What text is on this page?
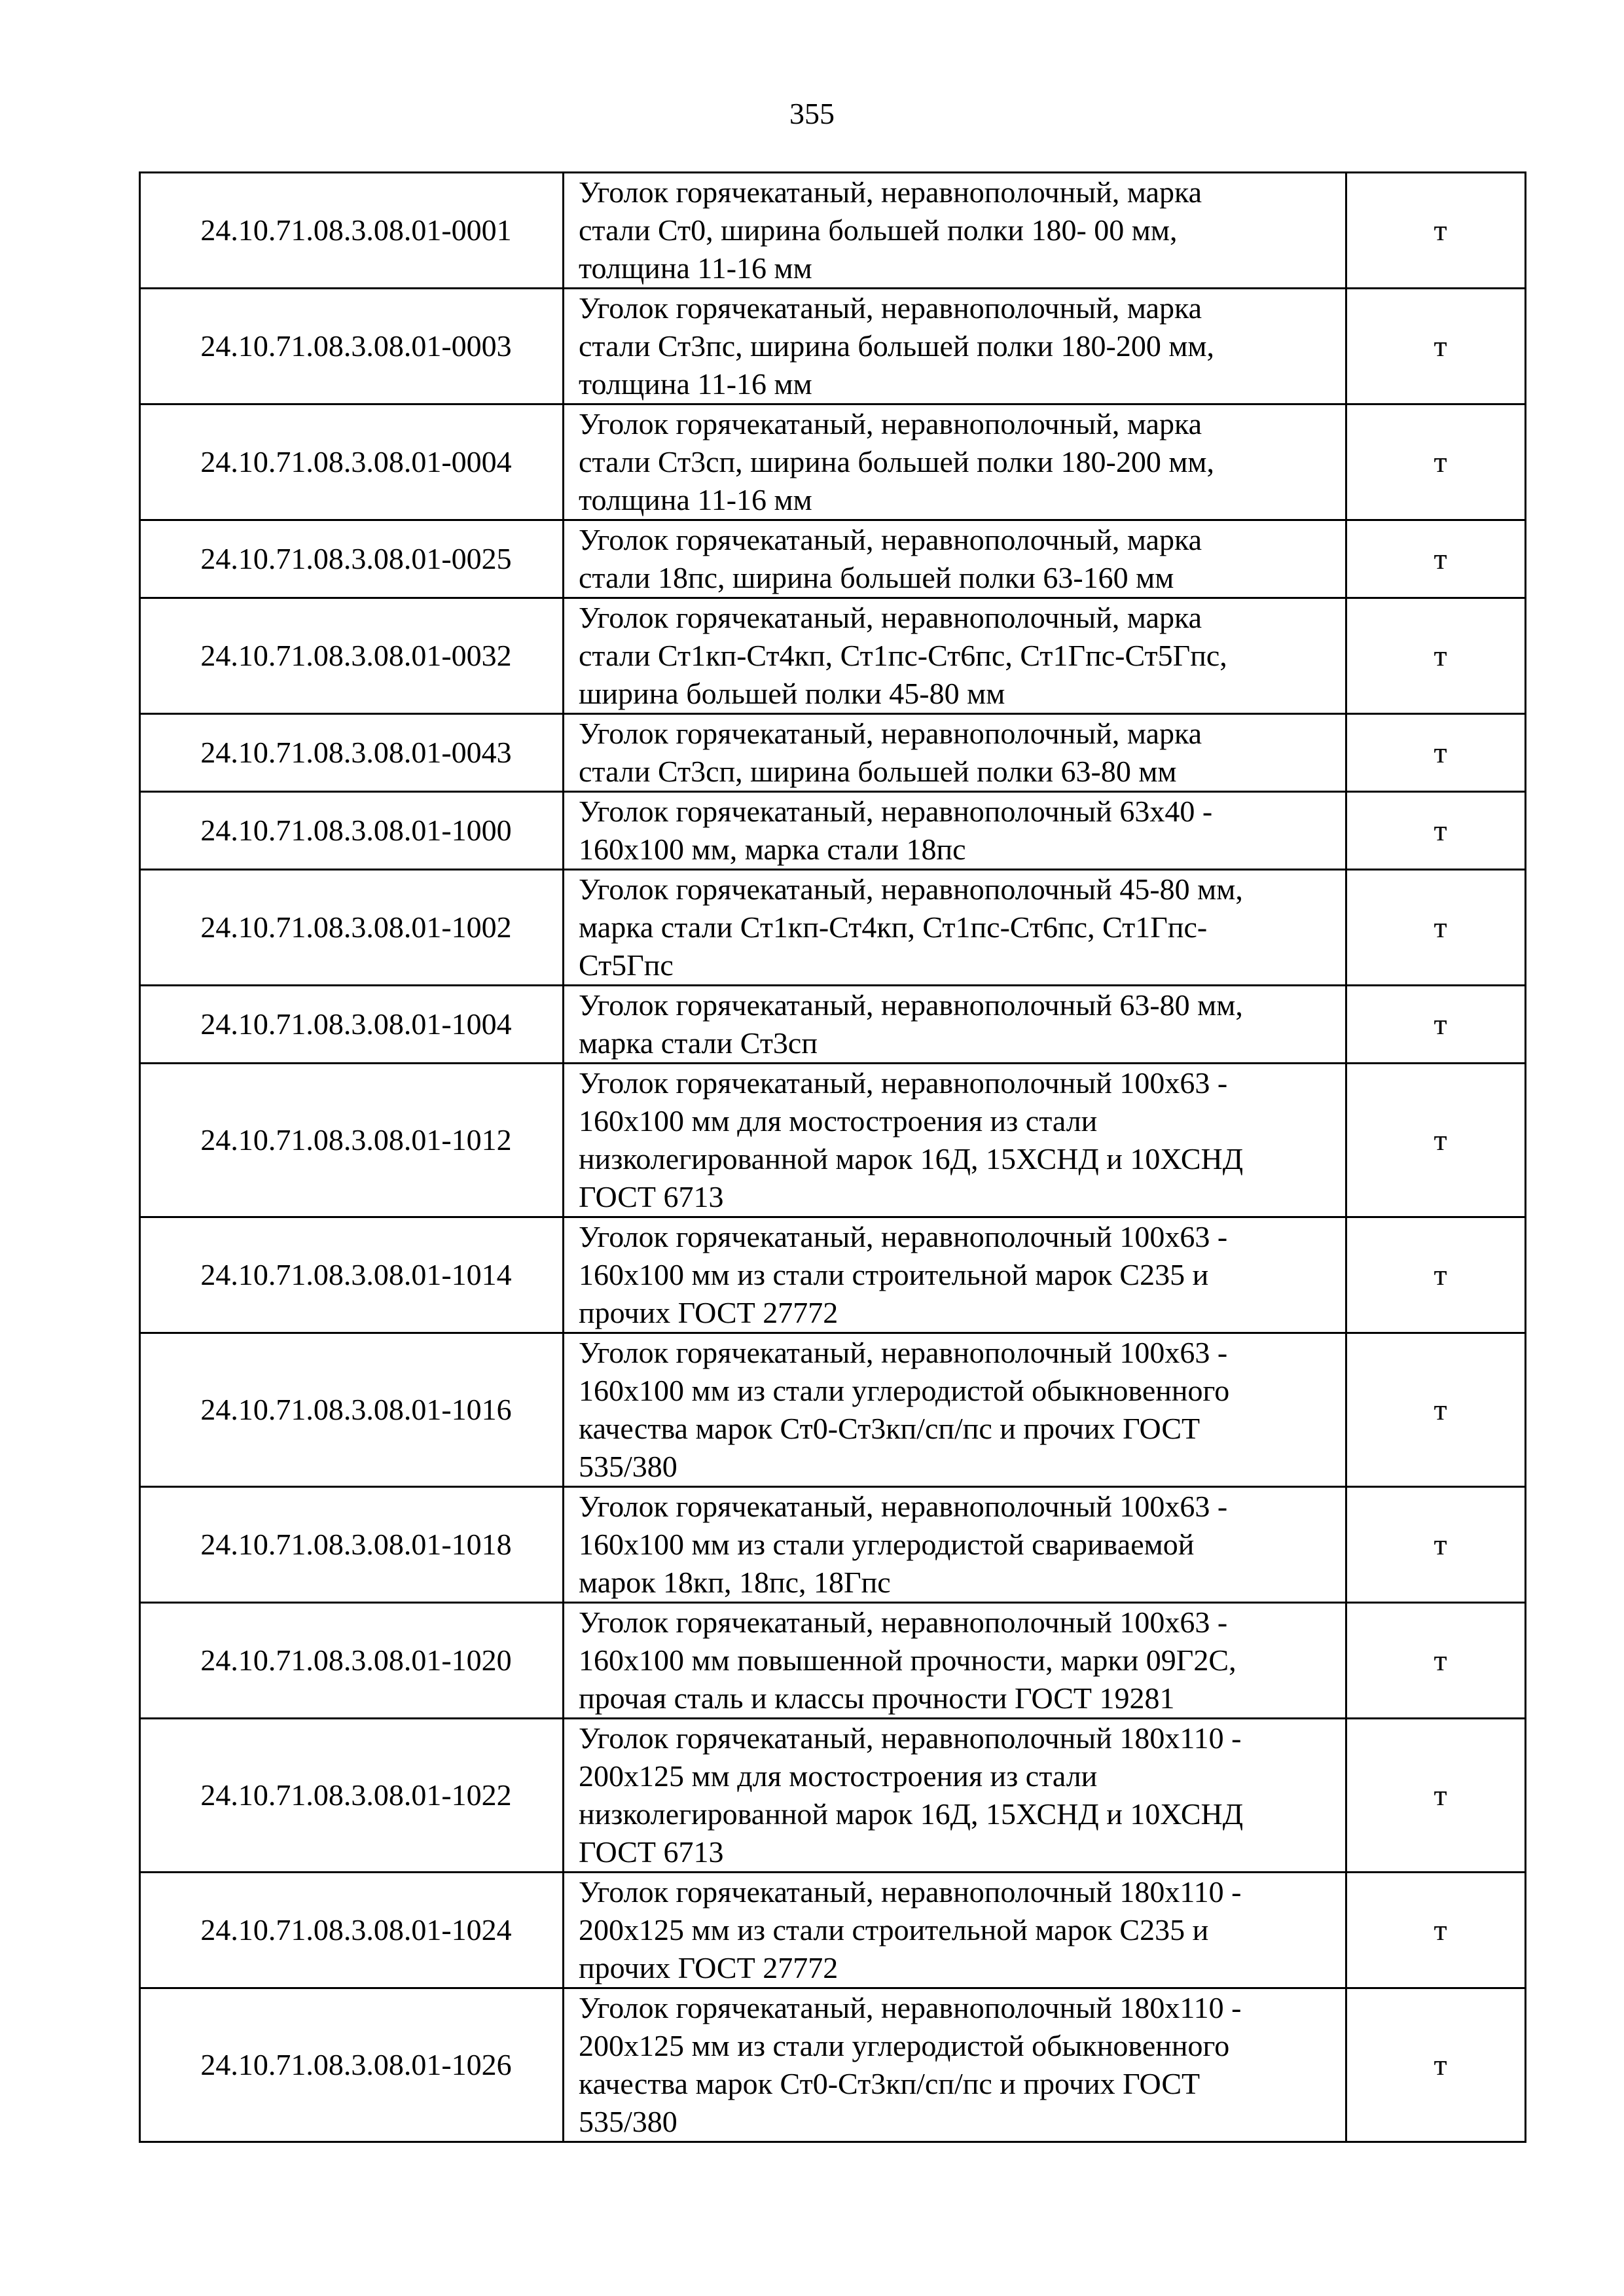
355
24.10.71.08.3.08.01-0001	Уголок горячекатаный, неравнополочный, марка
стали Ст0, ширина большей полки 180- 00 мм,
толщина 11-16 мм	т
24.10.71.08.3.08.01-0003	Уголок горячекатаный, неравнополочный, марка
стали Ст3пс, ширина большей полки 180-200 мм,
толщина 11-16 мм	т
24.10.71.08.3.08.01-0004	Уголок горячекатаный, неравнополочный, марка
стали Ст3сп, ширина большей полки 180-200 мм,
толщина 11-16 мм	т
24.10.71.08.3.08.01-0025	Уголок горячекатаный, неравнополочный, марка
стали 18пс, ширина большей полки 63-160 мм	т
24.10.71.08.3.08.01-0032	Уголок горячекатаный, неравнополочный, марка
стали Ст1кп-Ст4кп, Ст1пс-Ст6пс, Ст1Гпс-Ст5Гпс,
ширина большей полки 45-80 мм	т
24.10.71.08.3.08.01-0043	Уголок горячекатаный, неравнополочный, марка
стали Ст3сп, ширина большей полки 63-80 мм	т
24.10.71.08.3.08.01-1000	Уголок горячекатаный, неравнополочный 63х40 -
160х100 мм, марка стали 18пс	т
24.10.71.08.3.08.01-1002	Уголок горячекатаный, неравнополочный 45-80 мм,
марка стали Ст1кп-Ст4кп, Ст1пс-Ст6пс, Ст1Гпс-
Ст5Гпс	т
24.10.71.08.3.08.01-1004	Уголок горячекатаный, неравнополочный 63-80 мм,
марка стали Ст3сп	т
24.10.71.08.3.08.01-1012	Уголок горячекатаный, неравнополочный 100х63 -
160х100 мм для мостостроения из стали
низколегированной марок 16Д, 15ХСНД и 10ХСНД
ГОСТ 6713	т
24.10.71.08.3.08.01-1014	Уголок горячекатаный, неравнополочный 100х63 -
160х100 мм из стали строительной марок С235 и
прочих ГОСТ 27772	т
24.10.71.08.3.08.01-1016	Уголок горячекатаный, неравнополочный 100х63 -
160х100 мм из стали углеродистой обыкновенного
качества марок Ст0-Ст3кп/сп/пс и прочих ГОСТ
535/380	т
24.10.71.08.3.08.01-1018	Уголок горячекатаный, неравнополочный 100х63 -
160х100 мм из стали углеродистой свариваемой
марок 18кп, 18пс, 18Гпс	т
24.10.71.08.3.08.01-1020	Уголок горячекатаный, неравнополочный 100х63 -
160х100 мм повышенной прочности, марки 09Г2С,
прочая сталь и классы прочности ГОСТ 19281	т
24.10.71.08.3.08.01-1022	Уголок горячекатаный, неравнополочный 180х110 -
200х125 мм для мостостроения из стали
низколегированной марок 16Д, 15ХСНД и 10ХСНД
ГОСТ 6713	т
24.10.71.08.3.08.01-1024	Уголок горячекатаный, неравнополочный 180х110 -
200х125 мм из стали строительной марок С235 и
прочих ГОСТ 27772	т
24.10.71.08.3.08.01-1026	Уголок горячекатаный, неравнополочный 180х110 -
200х125 мм из стали углеродистой обыкновенного
качества марок Ст0-Ст3кп/сп/пс и прочих ГОСТ
535/380	т
